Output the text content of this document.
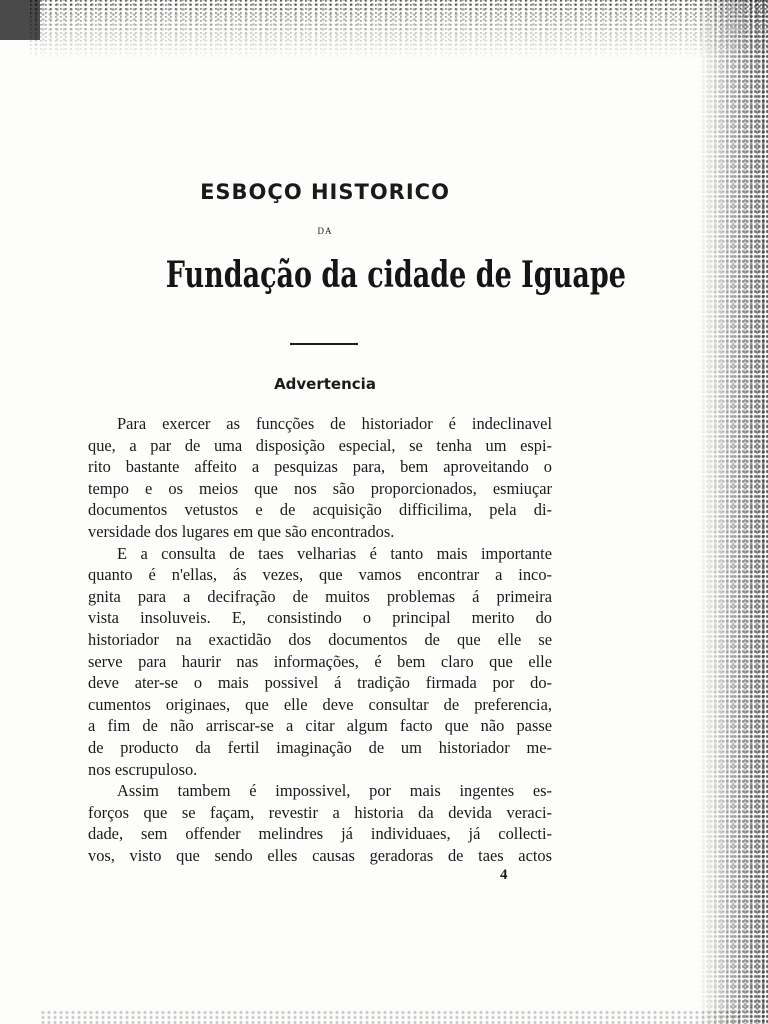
ESBOÇO HISTORICO
DA
Fundação da cidade de Iguape
Advertencia
Para exercer as funcções de historiador é indeclinavel
que, a par de uma disposição especial, se tenha um espi-
rito bastante affeito a pesquizas para, bem aproveitando o
tempo e os meios que nos são proporcionados, esmiuçar
documentos vetustos e de acquisição difficilima, pela di-
versidade dos lugares em que são encontrados.
E a consulta de taes velharias é tanto mais importante
quanto é n'ellas, ás vezes, que vamos encontrar a inco-
gnita para a decifração de muitos problemas á primeira
vista insoluveis. E, consistindo o principal merito do
historiador na exactidão dos documentos de que elle se
serve para haurir nas informações, é bem claro que elle
deve ater-se o mais possivel á tradição firmada por do-
cumentos originaes, que elle deve consultar de preferencia,
a fim de não arriscar-se a citar algum facto que não passe
de producto da fertil imaginação de um historiador me-
nos escrupuloso.
Assim tambem é impossivel, por mais ingentes es-
forços que se façam, revestir a historia da devida veraci-
dade, sem offender melindres já individuaes, já collecti-
vos, visto que sendo elles causas geradoras de taes actos
4
